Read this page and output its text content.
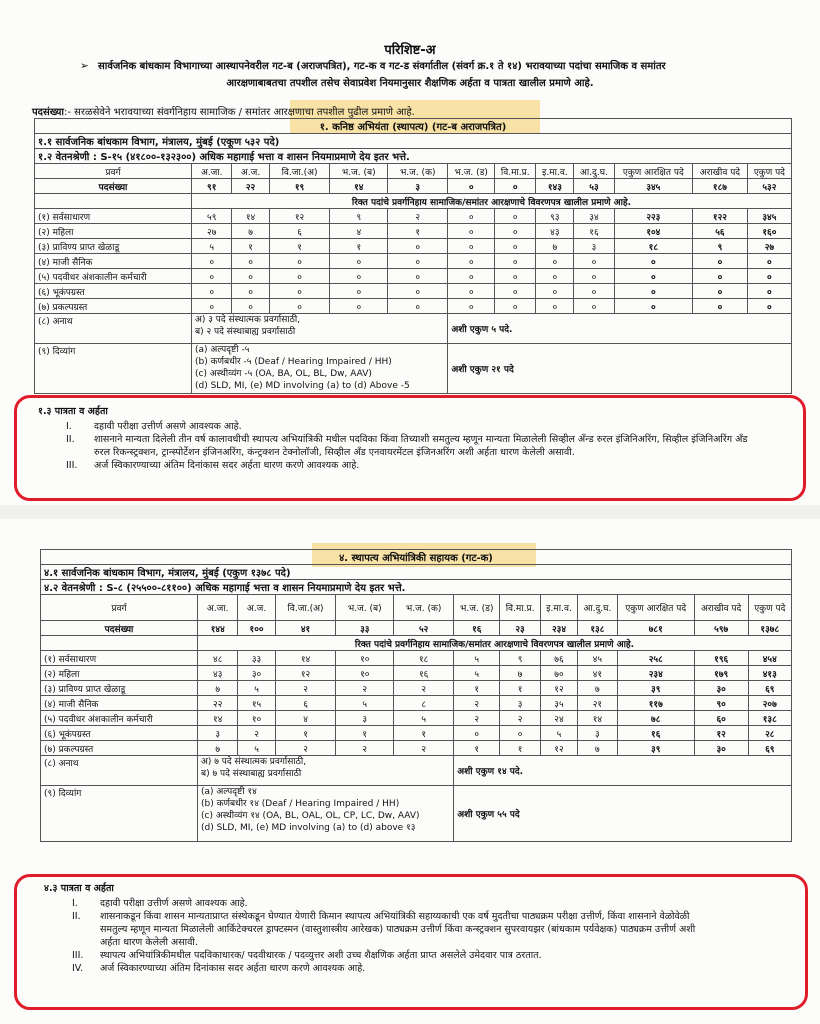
परिशिष्ट-अ
➢ सार्वजनिक बांधकाम विभागाच्या आस्थापनेवरील गट-ब (अराजपत्रित), गट-क व गट-ड संवर्गातील (संवर्ग क्र.१ ते १४) भरावयाच्या पदांचा समाजिक व समांतर
आरक्षणाबाबतचा तपशील तसेच सेवाप्रवेश नियमानुसार शैक्षणिक अर्हता व पात्रता खालील प्रमाणे आहे.
पदसंख्या:- सरळसेवेने भरावयाच्या संवर्गनिहाय सामाजिक / समांतर आरक्षणाचा तपशील पुढील प्रमाणे आहे.
१. कनिष्ठ अभियंता (स्थापत्य) (गट-ब अराजपत्रित)												
१.१ सार्वजनिक बांधकाम विभाग, मंत्रालय, मुंबई (एकूण ५३२ पदे)												
१.२ वेतनश्रेणी : S-१५ (४१८००-१३२३००) अधिक महागाई भत्ता व शासन नियमाप्रमाणे देय इतर भत्ते.												
प्रवर्ग	अ.जा.	अ.ज.	वि.जा.(अ)	भ.ज. (ब)	भ.ज. (क)	भ.ज. (ड)	वि.मा.प्र.	इ.मा.व.	आ.दु.घ.	एकुण आरक्षित पदे	अराखीव पदे	एकुण पदे
पदसंख्या	९१	२२	१९	१४	३	०	०	१४३	५३	३४५	१८७	५३२
	रिक्त पदांचे प्रवर्गनिहाय सामाजिक/समांतर आरक्षणाचे विवरणपत्र खालील प्रमाणे आहे.											
(१) सर्वसाधारण	५९	१४	१२	९	२	०	०	९३	३४	२२३	१२२	३४५
(२) महिला	२७	७	६	४	१	०	०	४३	१६	१०४	५६	१६०
(३) प्राविण्य प्राप्त खेळाडू	५	१	१	१	०	०	०	७	३	१८	९	२७
(४) माजी सैनिक	०	०	०	०	०	०	०	०	०	०	०	०
(५) पदवीधर अंशकालीन कर्मचारी	०	०	०	०	०	०	०	०	०	०	०	०
(६) भूकंपग्रस्त	०	०	०	०	०	०	०	०	०	०	०	०
(७) प्रकल्पग्रस्त	०	०	०	०	०	०	०	०	०	०	०	०
(८) अनाथ	अ) ३ पदे संस्थात्मक प्रवर्गासाठी,
ब) २ पदे संस्थाबाह्य प्रवर्गासाठी					अशी एकुण ५ पदे.						
(९) दिव्यांग	(a) अल्पदृष्टी -५
(b) कर्णबधीर -५ (Deaf / Hearing Impaired / HH)
(c) अस्थीव्यंग -५ (OA, BA, OL, BL, Dw, AAV)
(d) SLD, MI, (e) MD involving (a) to (d) Above -5					अशी एकुण २१ पदे						
१.३ पात्रता व अर्हता
I. दहावी परीक्षा उत्तीर्ण असणे आवश्यक आहे.
II. शासनाने मान्यता दिलेली तीन वर्ष कालावधीची स्थापत्य अभियांत्रिकी मधील पदविका किंवा तिच्याशी समतुल्य म्हणून मान्यता मिळालेली सिव्हील अँन्ड रुरल इंजिनिअरिंग, सिव्हील इंजिनिअरिंग अँड
रुरल रिकन्स्ट्रक्शन, ट्रान्स्पोर्टेशन इंजिनअरिंग, कंन्ट्रक्शन टेक्नोलॉजी, सिव्हील अँड एनवायरमेंटल इंजिनअरिंग अशी अर्हता धारण केलेली असावी.
III. अर्ज स्विकारण्याच्या अंतिम दिनांकास सदर अर्हता धारण करणे आवश्यक आहे.
४. स्थापत्य अभियांत्रिकी सहायक (गट-क)												
४.१ सार्वजनिक बांधकाम विभाग, मंत्रालय, मुंबई (एकुण १३७८ पदे)												
४.२ वेतनश्रेणी : S-८ (२५५००-८११००) अधिक महागाई भत्ता व शासन नियमाप्रमाणे देय इतर भत्ते.												
प्रवर्ग	अ.जा.	अ.ज.	वि.जा.(अ)	भ.ज. (ब)	भ.ज. (क)	भ.ज. (ड)	वि.मा.प्र.	इ.मा.व.	आ.दु.घ.	एकुण आरक्षित पदे	अराखीव पदे	एकुण पदे
पदसंख्या	१४४	१००	४१	३३	५२	१६	२३	२३४	१३८	७८१	५९७	१३७८
	रिक्त पदांचे प्रवर्गनिहाय सामाजिक/समांतर आरक्षणाचे विवरणपत्र खालील प्रमाणे आहे.											
(१) सर्वसाधारण	४८	३३	१४	१०	१८	५	९	७६	४५	२५८	१९६	४५४
(२) महिला	४३	३०	१२	१०	१६	५	७	७०	४१	२३४	१७९	४१३
(३) प्राविण्य प्राप्त खेळाडू	७	५	२	२	२	१	१	१२	७	३९	३०	६९
(४) माजी सैनिक	२२	१५	६	५	८	२	३	३५	२१	११७	९०	२०७
(५) पदवीधर अंशकालीन कर्मचारी	१४	१०	४	३	५	२	२	२४	१४	७८	६०	१३८
(६) भूकंपग्रस्त	३	२	१	१	१	०	०	५	३	१६	१२	२८
(७) प्रकल्पग्रस्त	७	५	२	२	२	१	१	१२	७	३९	३०	६९
(८) अनाथ	अ) ७ पदे संस्थात्मक प्रवर्गासाठी,
ब) ७ पदे संस्थाबाह्य प्रवर्गासाठी					अशी एकुण १४ पदे.						
(९) दिव्यांग	(a) अल्पदृष्टी १४
(b) कर्णबधीर १४ (Deaf / Hearing Impaired / HH)
(c) अस्थीव्यंग १४ (OA, BL, OAL, OL, CP, LC, Dw, AAV)
(d) SLD, MI, (e) MD involving (a) to (d) above १३					अशी एकुण ५५ पदे						
४.३ पात्रता व अर्हता
I. दहावी परीक्षा उत्तीर्ण असणे आवश्यक आहे.
II. शासनाकडून किंवा शासन मान्यताप्राप्त संस्थेकडून घेण्यात येणारी किमान स्थापत्य अभियांत्रिकी सहाय्यकाची एक वर्ष मुदतीचा पाठ्यक्रम परीक्षा उत्तीर्ण, किंवा शासनाने वेळोवेळी
समतुल्य म्हणून मान्यता मिळालेली आर्किटेक्चरल ड्राफ्टस्मन (वास्तुशास्त्रीय आरेखक) पाठ्यक्रम उत्तीर्ण किंवा कन्स्ट्रक्शन सुपरवायझर (बांधकाम पर्यवेक्षक) पाठ्यक्रम उत्तीर्ण अशी
अर्हता धारण केलेली असावी.
III. स्थापत्य अभियांत्रिकीमधील पदविकाधारक/ पदवीधारक / पदव्युत्तर अशी उच्च शैक्षणिक अर्हता प्राप्त असलेले उमेदवार पात्र ठरतात.
IV. अर्ज स्विकारण्याच्या अंतिम दिनांकास सदर अर्हता धारण करणे आवश्यक आहे.
